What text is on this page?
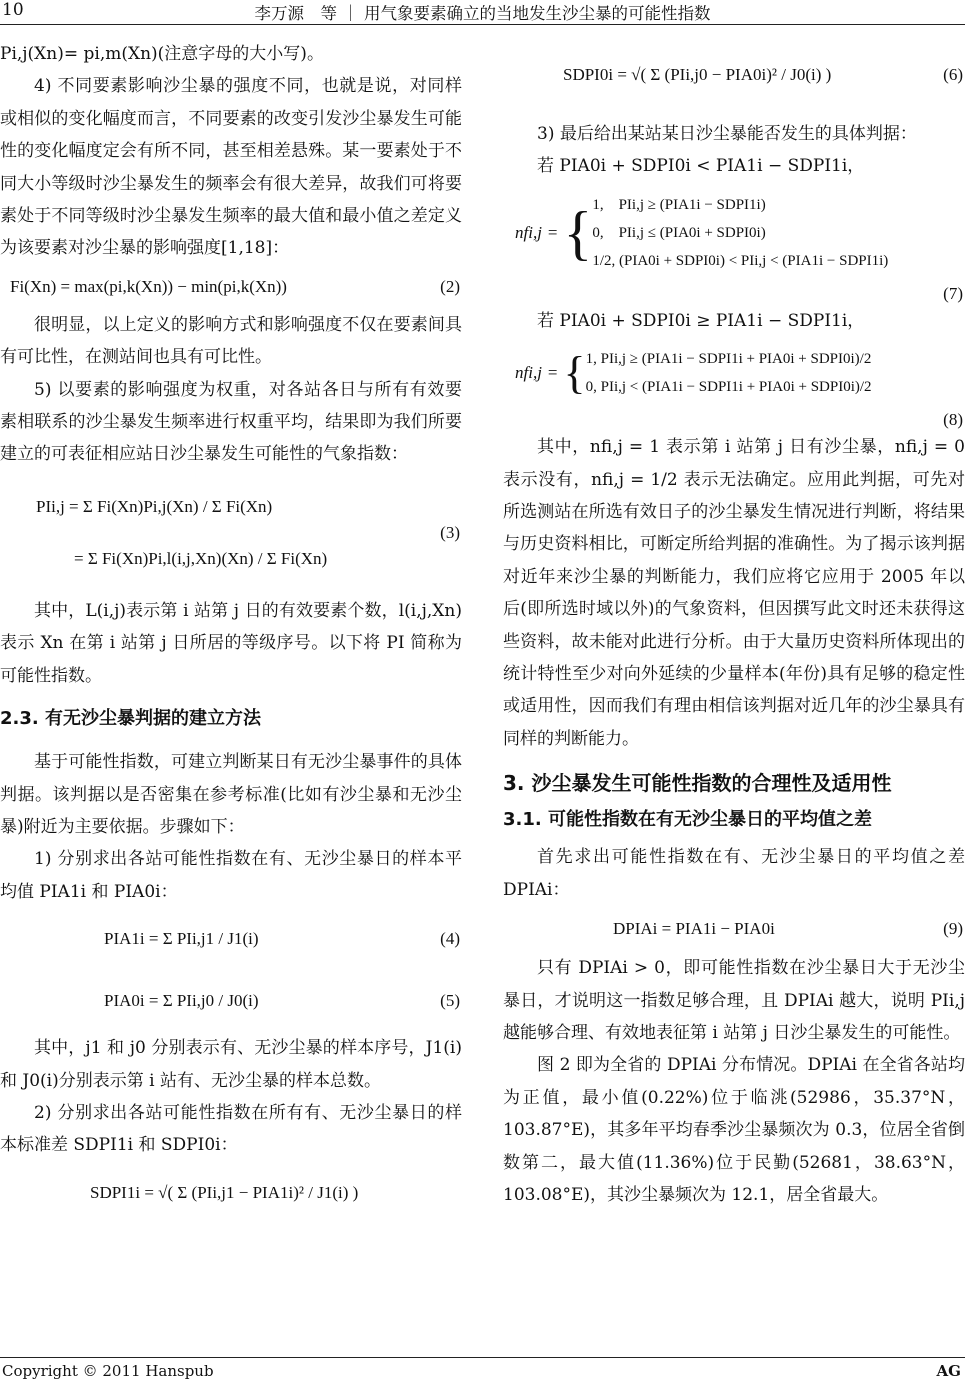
10	李万源　等 ｜ 用气象要素确立的当地发生沙尘暴的可能性指数

Pi,j(Xn)= pi,m(Xn)(注意字母的大小写)。

4) 不同要素影响沙尘暴的强度不同，也就是说，对同样或相似的变化幅度而言，不同要素的改变引发沙尘暴发生可能性的变化幅度定会有所不同，甚至相差悬殊。某一要素处于不同大小等级时沙尘暴发生的频率会有很大差异，故我们可将要素处于不同等级时沙尘暴发生频率的最大值和最小值之差定义为该要素对沙尘暴的影响强度[1,18]：

Fi(Xn) = max(pi,k(Xn)) − min(pi,k(Xn))	(2)

很明显，以上定义的影响方式和影响强度不仅在要素间具有可比性，在测站间也具有可比性。

5) 以要素的影响强度为权重，对各站各日与所有有效要素相联系的沙尘暴发生频率进行权重平均，结果即为我们所要建立的可表征相应站日沙尘暴发生可能性的气象指数：

PIi,j = Σ Fi(Xn)Pi,j(Xn) / Σ Fi(Xn)
= Σ Fi(Xn)Pi,l(i,j,Xn)(Xn) / Σ Fi(Xn)
(3)

其中，L(i,j)表示第 i 站第 j 日的有效要素个数，l(i,j,Xn)表示 Xn 在第 i 站第 j 日所居的等级序号。以下将 PI 简称为可能性指数。

2.3. 有无沙尘暴判据的建立方法

基于可能性指数，可建立判断某日有无沙尘暴事件的具体判据。该判据以是否密集在参考标准(比如有沙尘暴和无沙尘暴)附近为主要依据。步骤如下：

1) 分别求出各站可能性指数在有、无沙尘暴日的样本平均值 PIA1i 和 PIA0i：

PIA1i = Σ PIi,j1 / J1(i)	(4)
PIA0i = Σ PIi,j0 / J0(i)	(5)

其中，j1 和 j0 分别表示有、无沙尘暴的样本序号，J1(i)和 J0(i)分别表示第 i 站有、无沙尘暴的样本总数。

2) 分别求出各站可能性指数在所有有、无沙尘暴日的样本标准差 SDPI1i 和 SDPI0i：

SDPI1i = √( Σ (PIi,j1 − PIA1i)² / J1(i) )
SDPI0i = √( Σ (PIi,j0 − PIA0i)² / J0(i) )	(6)

3) 最后给出某站某日沙尘暴能否发生的具体判据：

若 PIA0i + SDPI0i < PIA1i − SDPI1i，

nfi,j = { 1,　PIi,j ≥ (PIA1i − SDPI1i)
0,　PIi,j ≤ (PIA0i + SDPI0i)
1/2, (PIA0i + SDPI0i) < PIi,j < (PIA1i − SDPI1i)
(7)

若 PIA0i + SDPI0i ≥ PIA1i − SDPI1i，

nfi,j = { 1, PIi,j ≥ (PIA1i − SDPI1i + PIA0i + SDPI0i)/2
0, PIi,j < (PIA1i − SDPI1i + PIA0i + SDPI0i)/2
(8)

其中，nfi,j = 1 表示第 i 站第 j 日有沙尘暴，nfi,j = 0 表示没有，nfi,j = 1/2 表示无法确定。应用此判据，可先对所选测站在所选有效日子的沙尘暴发生情况进行判断，将结果与历史资料相比，可断定所给判据的准确性。为了揭示该判据对近年来沙尘暴的判断能力，我们应将它应用于 2005 年以后(即所选时域以外)的气象资料，但因撰写此文时还未获得这些资料，故未能对此进行分析。由于大量历史资料所体现出的统计特性至少对向外延续的少量样本(年份)具有足够的稳定性或适用性，因而我们有理由相信该判据对近几年的沙尘暴具有同样的判断能力。

3. 沙尘暴发生可能性指数的合理性及适用性
3.1. 可能性指数在有无沙尘暴日的平均值之差

首先求出可能性指数在有、无沙尘暴日的平均值之差 DPIAi：

DPIAi = PIA1i − PIA0i	(9)

只有 DPIAi > 0，即可能性指数在沙尘暴日大于无沙尘暴日，才说明这一指数足够合理，且 DPIAi 越大，说明 PIi,j 越能够合理、有效地表征第 i 站第 j 日沙尘暴发生的可能性。

图 2 即为全省的 DPIAi 分布情况。DPIAi 在全省各站均为正值，最小值(0.22%)位于临洮(52986，35.37°N，103.87°E)，其多年平均春季沙尘暴频次为 0.3，位居全省倒数第二，最大值(11.36%)位于民勤(52681，38.63°N，103.08°E)，其沙尘暴频次为 12.1，居全省最大。

Copyright © 2011 Hanspub	AG
